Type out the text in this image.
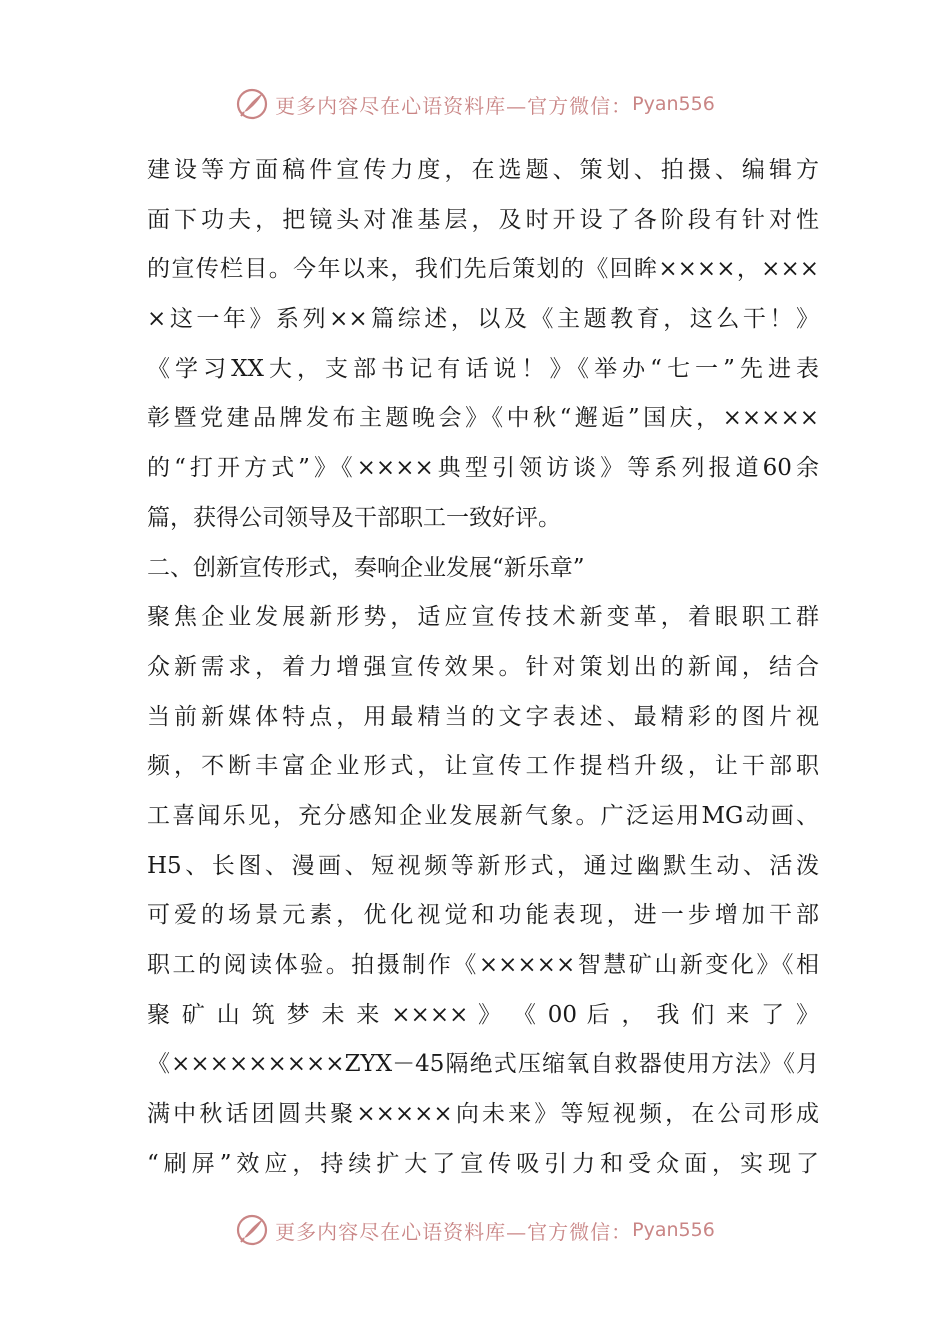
更多内容尽在心语资料库—官方微信： Pyan556
建设等方面稿件宣传力度，在选题、策划、拍摄、编辑方
面下功夫，把镜头对准基层，及时开设了各阶段有针对性
的宣传栏目。今年以来，我们先后策划的《回眸××××，×××
×这一年》系列××篇综述，以及《主题教育，这么干！》
《学习XX大，支部书记有话说！》《举办“七一”先进表
彰暨党建品牌发布主题晚会》《中秋“邂逅”国庆，×××××
的“打开方式”》《××××典型引领访谈》等系列报道60余
篇，获得公司领导及干部职工一致好评。
二、创新宣传形式，奏响企业发展“新乐章”
聚焦企业发展新形势，适应宣传技术新变革，着眼职工群
众新需求，着力增强宣传效果。针对策划出的新闻，结合
当前新媒体特点，用最精当的文字表述、最精彩的图片视
频，不断丰富企业形式，让宣传工作提档升级，让干部职
工喜闻乐见，充分感知企业发展新气象。广泛运用MG动画、
H5、长图、漫画、短视频等新形式，通过幽默生动、活泼
可爱的场景元素，优化视觉和功能表现，进一步增加干部
职工的阅读体验。拍摄制作《×××××智慧矿山新变化》《相
聚 矿 山 筑 梦 未 来 ×××× 》 《 00 后 ， 我 们 来 了 》
《×××××××××ZYX－45隔绝式压缩氧自救器使用方法》《月
满中秋话团圆共聚×××××向未来》等短视频，在公司形成
“刷屏”效应，持续扩大了宣传吸引力和受众面，实现了
更多内容尽在心语资料库—官方微信： Pyan556
